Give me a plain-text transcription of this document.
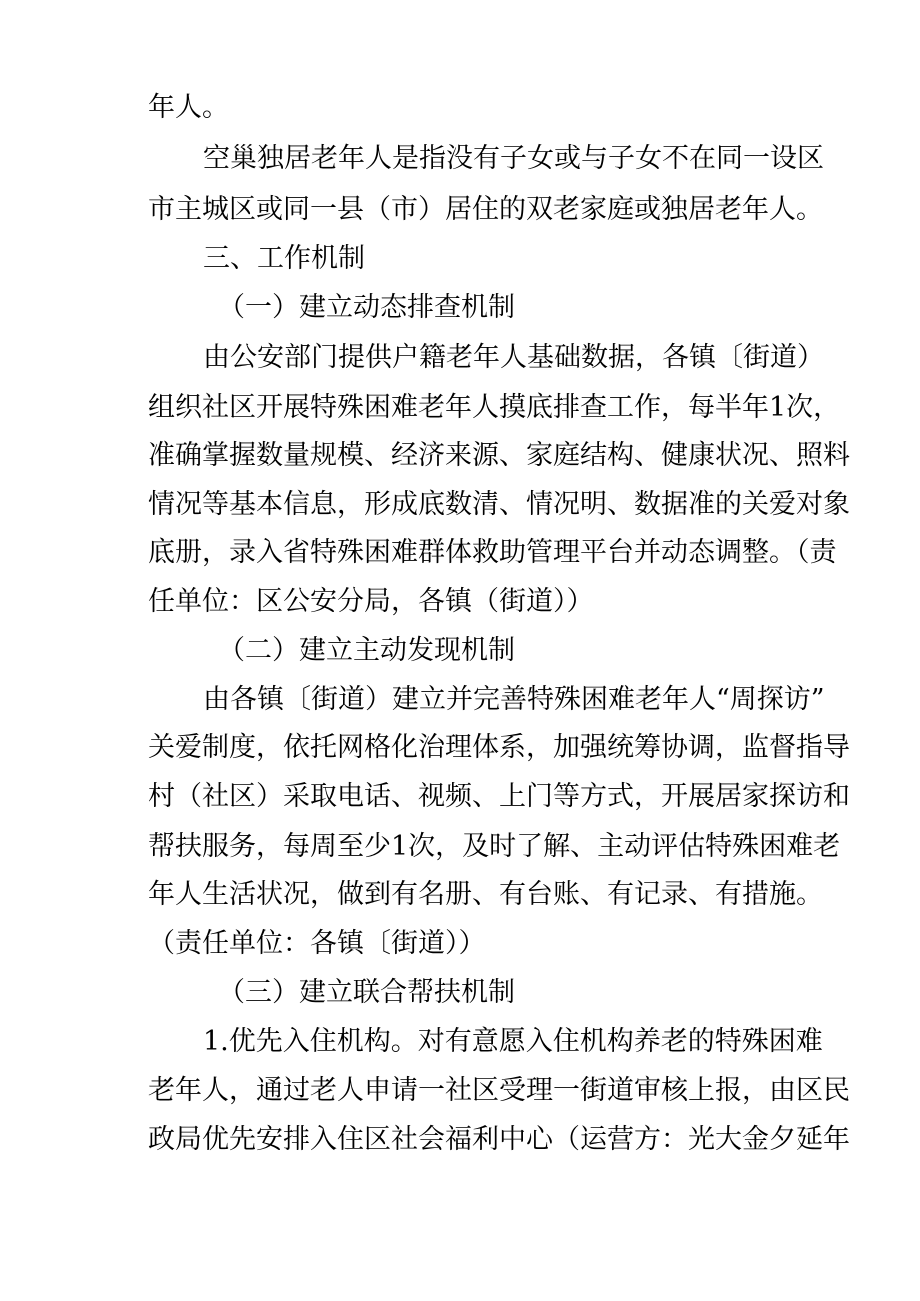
年人。
空巢独居老年人是指没有子女或与子女不在同一设区
市主城区或同一县（市）居住的双老家庭或独居老年人。
三、工作机制
（一）建立动态排查机制
由公安部门提供户籍老年人基础数据，各镇〔街道）
组织社区开展特殊困难老年人摸底排查工作，每半年1次，
准确掌握数量规模、经济来源、家庭结构、健康状况、照料
情况等基本信息，形成底数清、情况明、数据准的关爱对象
底册，录入省特殊困难群体救助管理平台并动态调整。（责
任单位：区公安分局，各镇（街道））
（二）建立主动发现机制
由各镇〔街道）建立并完善特殊困难老年人“周探访”
关爱制度，依托网格化治理体系，加强统筹协调，监督指导
村（社区）采取电话、视频、上门等方式，开展居家探访和
帮扶服务，每周至少1次，及时了解、主动评估特殊困难老
年人生活状况，做到有名册、有台账、有记录、有措施。
（责任单位：各镇〔街道））
（三）建立联合帮扶机制
1.优先入住机构。对有意愿入住机构养老的特殊困难
老年人，通过老人申请一社区受理一街道审核上报，由区民
政局优先安排入住区社会福利中心（运营方：光大金夕延年
